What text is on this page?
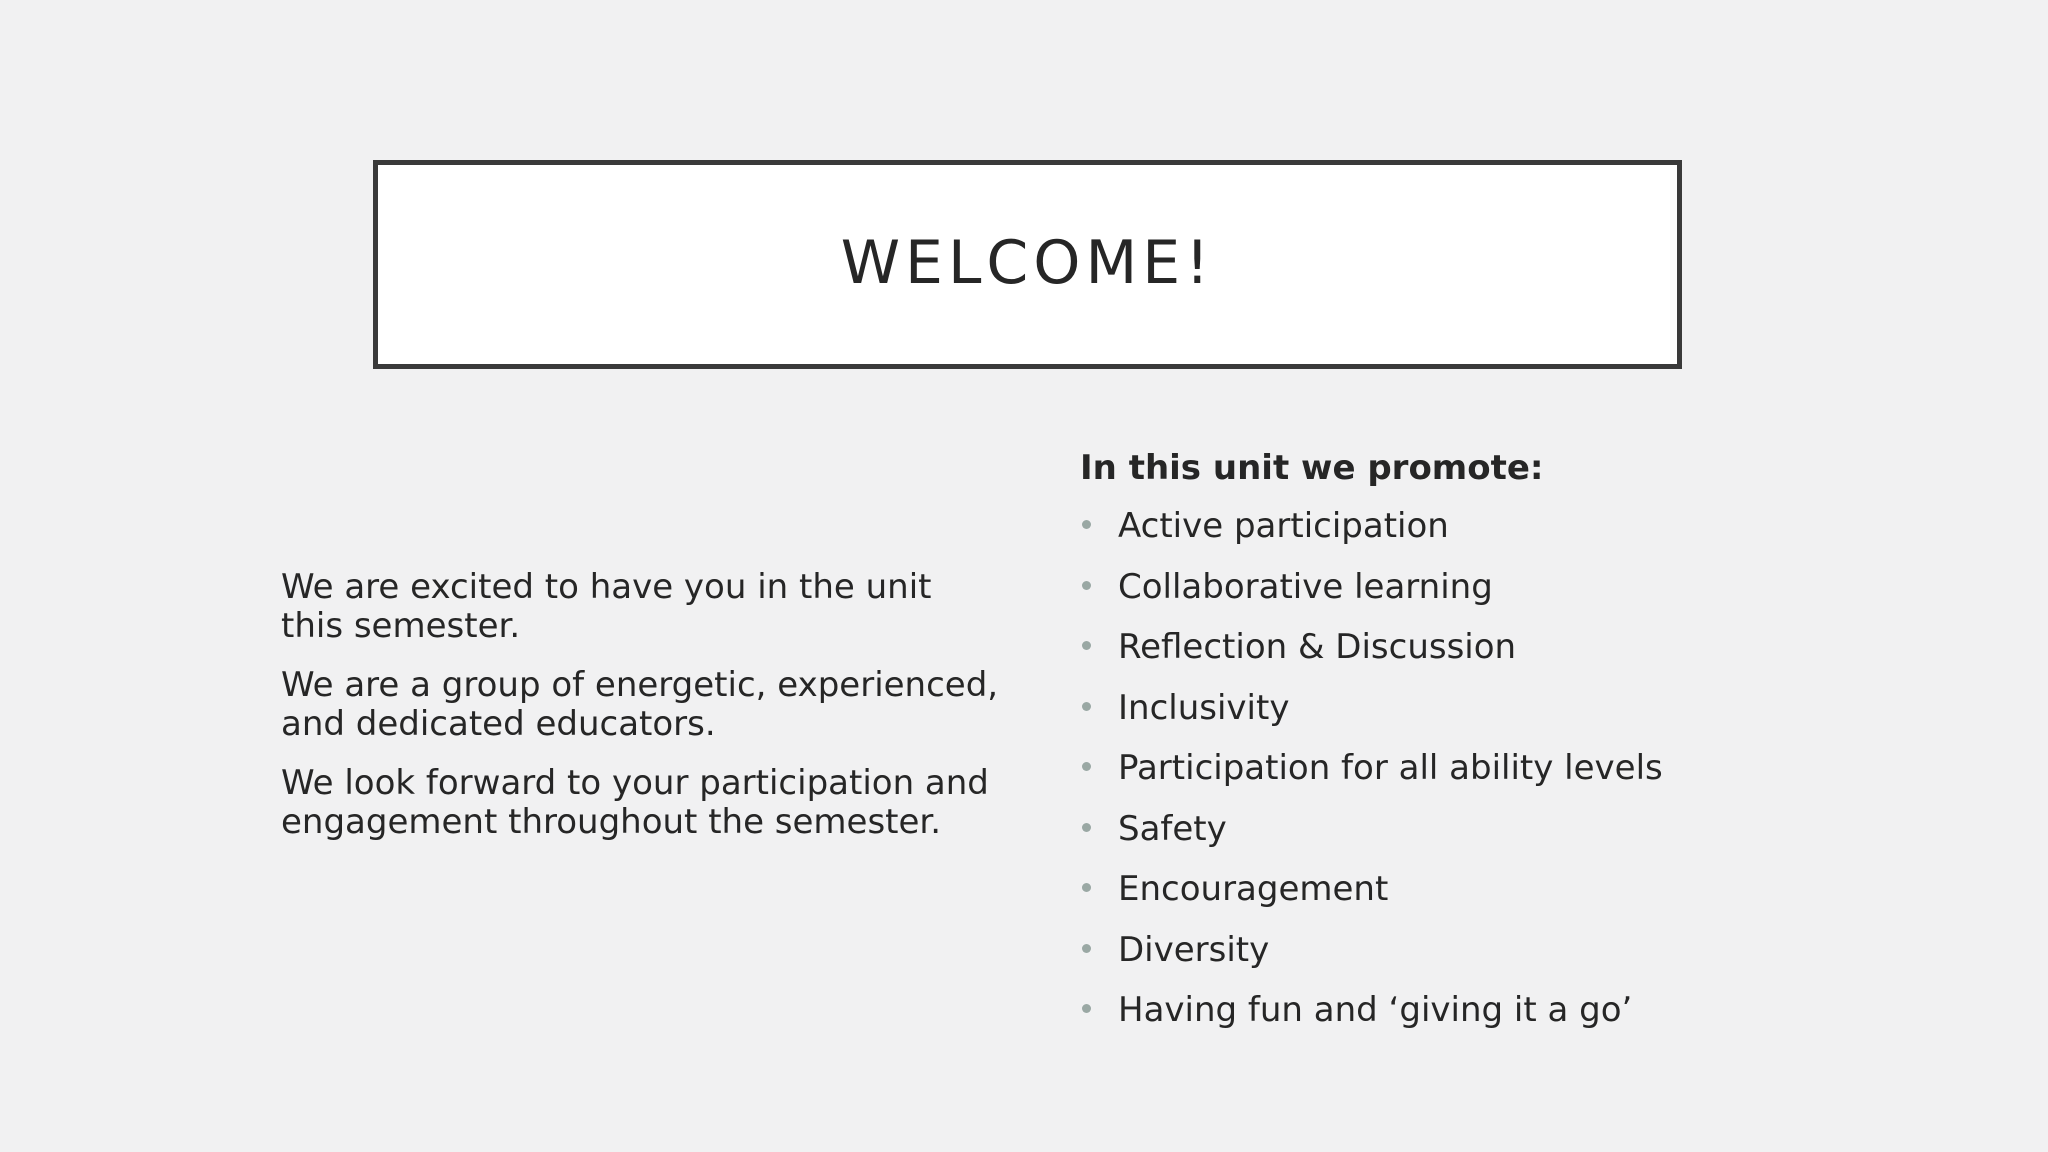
WELCOME!

We are excited to have you in the unit this semester.

We are a group of energetic, experienced, and dedicated educators.

We look forward to your participation and engagement throughout the semester.

In this unit we promote:
Active participation
Collaborative learning
Reflection & Discussion
Inclusivity
Participation for all ability levels
Safety
Encouragement
Diversity
Having fun and ‘giving it a go’
